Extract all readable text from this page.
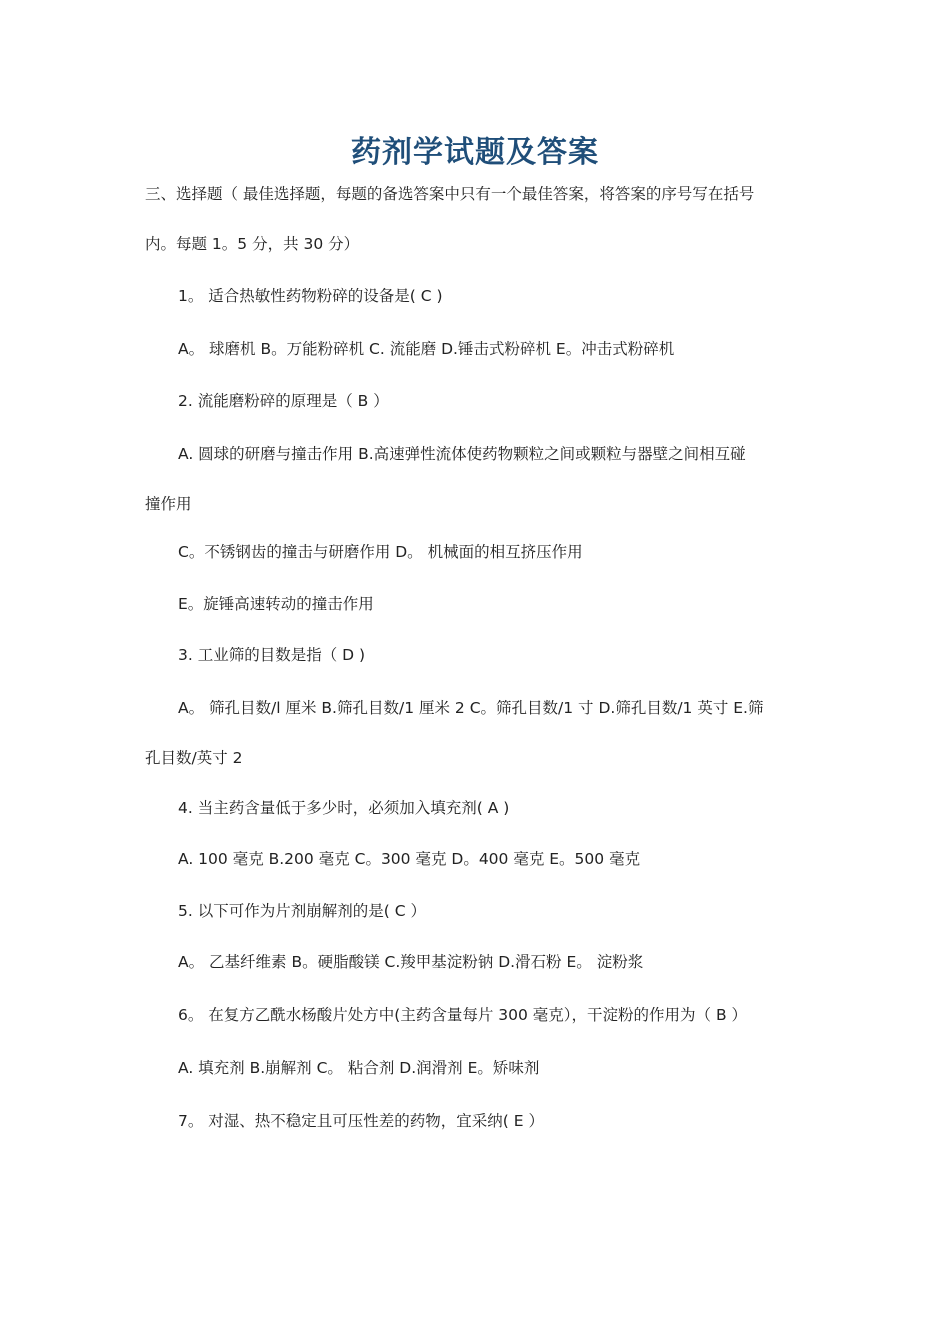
药剂学试题及答案
三、选择题（ 最佳选择题，每题的备选答案中只有一个最佳答案，将答案的序号写在括号
内。每题 1。5 分，共 30 分）
1。 适合热敏性药物粉碎的设备是( C )
A。 球磨机 B。万能粉碎机 C. 流能磨 D.锤击式粉碎机 E。冲击式粉碎机
2. 流能磨粉碎的原理是（ B ）
A. 圆球的研磨与撞击作用 B.高速弹性流体使药物颗粒之间或颗粒与器壁之间相互碰
撞作用
C。不锈钢齿的撞击与研磨作用 D。 机械面的相互挤压作用
E。旋锤高速转动的撞击作用
3. 工业筛的目数是指（ D )
A。 筛孔目数/l 厘米 B.筛孔目数/1 厘米 2 C。筛孔目数/1 寸 D.筛孔目数/1 英寸 E.筛
孔目数/英寸 2
4. 当主药含量低于多少时，必须加入填充剂( A )
A. 100 毫克 B.200 毫克 C。300 毫克 D。400 毫克 E。500 毫克
5. 以下可作为片剂崩解剂的是( C ）
A。 乙基纤维素 B。硬脂酸镁 C.羧甲基淀粉钠 D.滑石粉 E。 淀粉浆
6。 在复方乙酰水杨酸片处方中(主药含量每片 300 毫克），干淀粉的作用为（ B ）
A. 填充剂 B.崩解剂 C。 粘合剂 D.润滑剂 E。矫味剂
7。 对湿、热不稳定且可压性差的药物，宜采纳( E ）
